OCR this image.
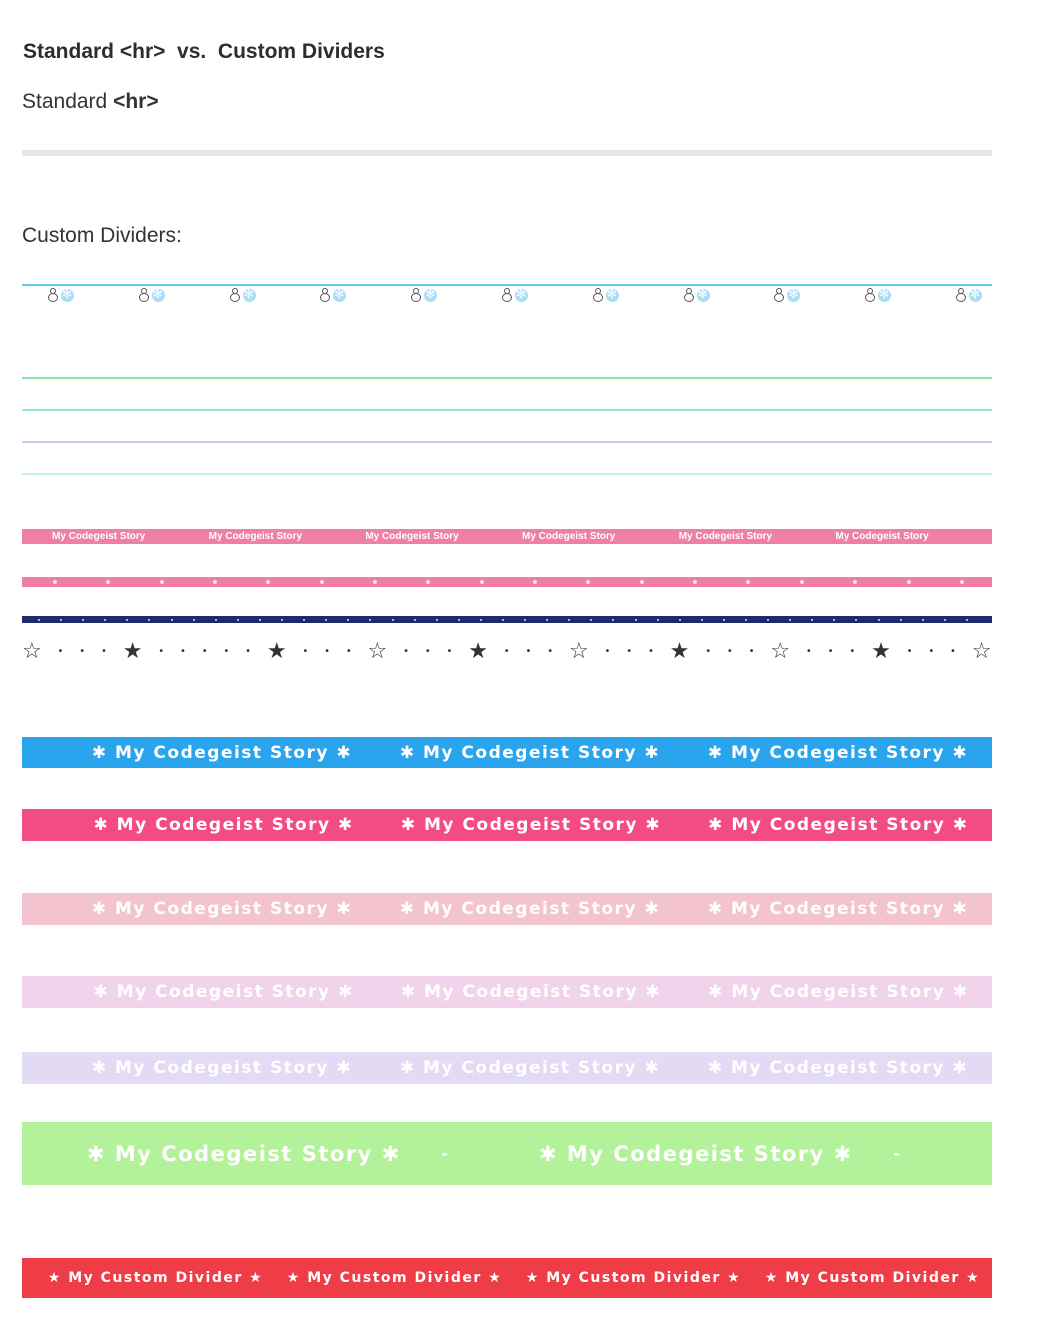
Standard <hr>  vs.  Custom Dividers
Standard <hr>
Custom Dividers:
✻
✻
✻
✻
✻
✻
✻
✻
✻
✻
✻
My Codegeist Story	My Codegeist Story	My Codegeist Story	My Codegeist Story	My Codegeist Story	My Codegeist Story
☆ • • • ★ • • • • • ★ • • • ☆ • • • ★ • • • ☆ • • • ★ • • • ☆ • • • ★ • • • ☆
✱ My Codegeist Story ✱	✱ My Codegeist Story ✱	✱ My Codegeist Story ✱
✱ My Codegeist Story ✱	✱ My Codegeist Story ✱	✱ My Codegeist Story ✱
✱ My Codegeist Story ✱	✱ My Codegeist Story ✱	✱ My Codegeist Story ✱
✱ My Codegeist Story ✱	✱ My Codegeist Story ✱	✱ My Codegeist Story ✱
✱ My Codegeist Story ✱	✱ My Codegeist Story ✱	✱ My Codegeist Story ✱
✱ My Codegeist Story ✱	-	✱ My Codegeist Story ✱	-
★ My Custom Divider ★	★ My Custom Divider ★	★ My Custom Divider ★	★ My Custom Divider ★
